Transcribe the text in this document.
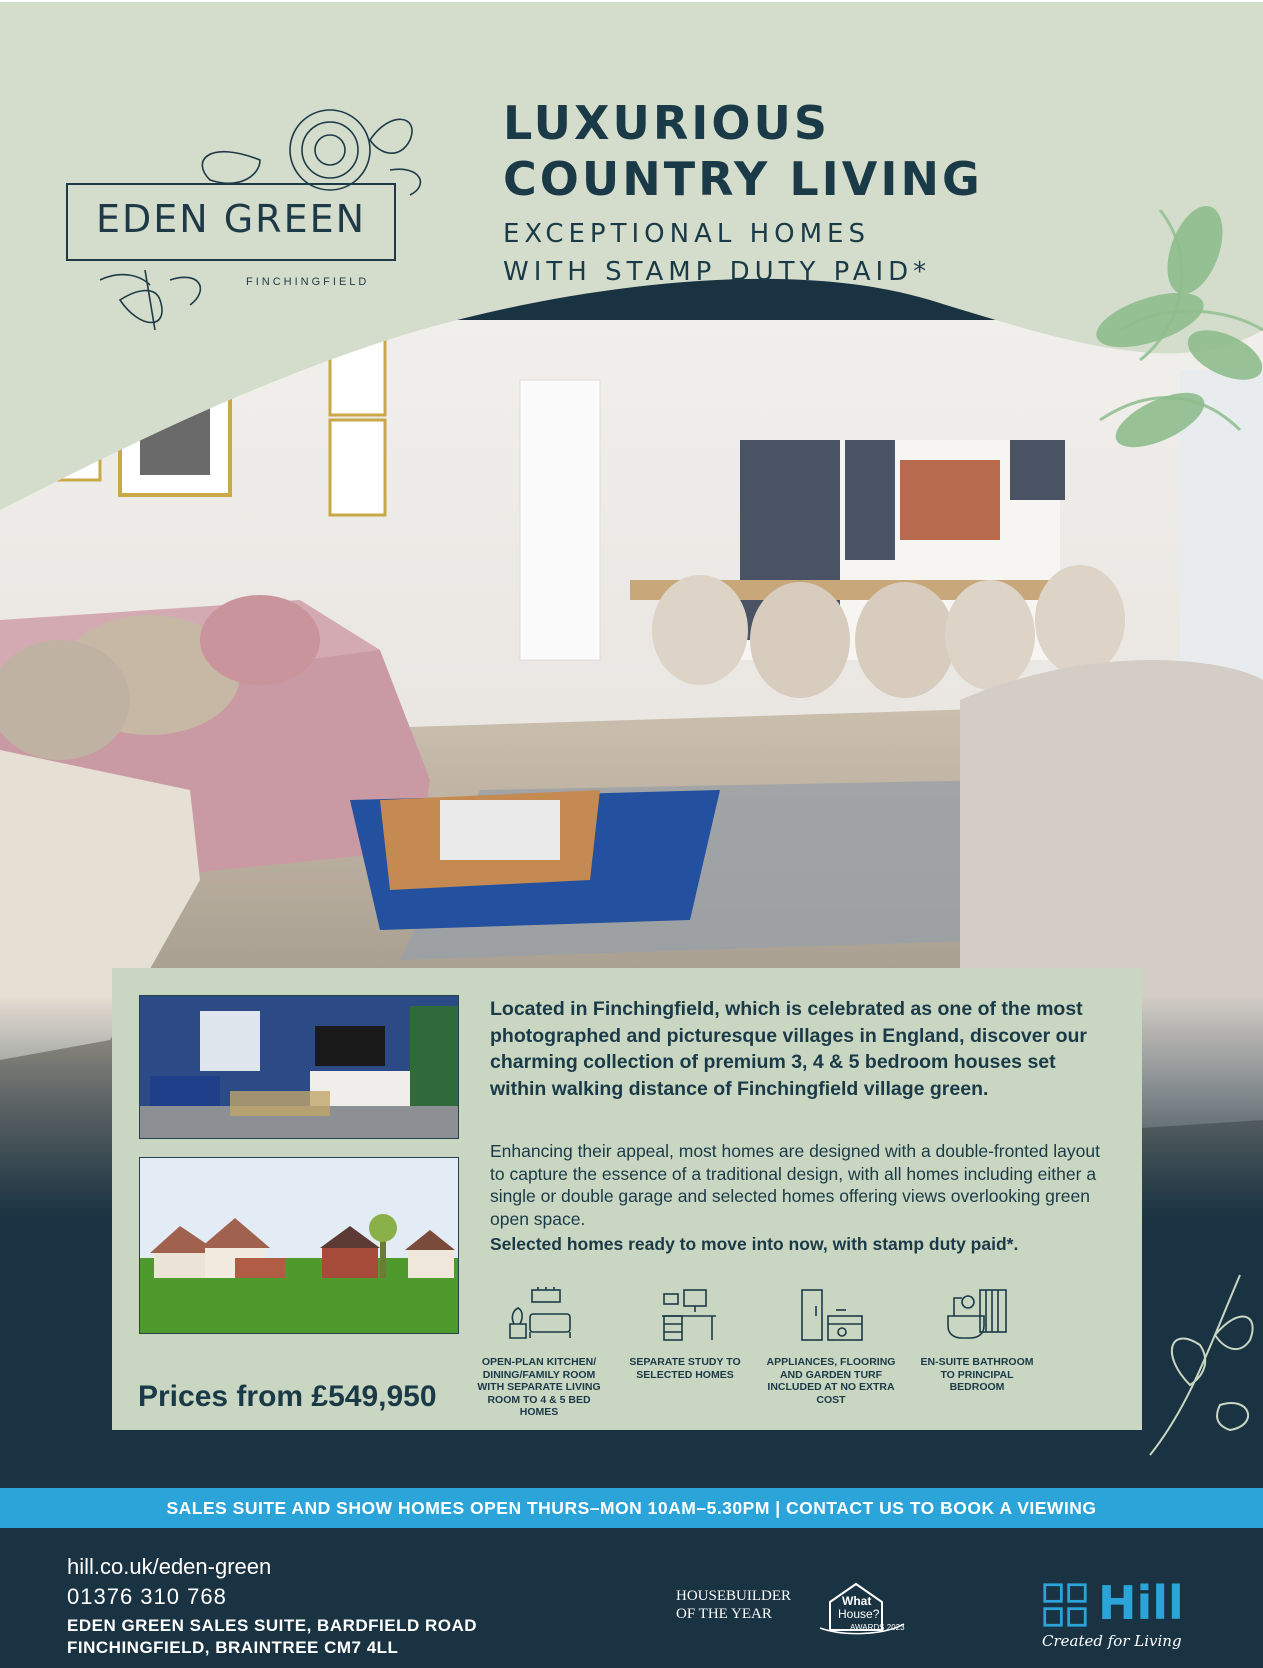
EDEN GREEN
FINCHINGFIELD
LUXURIOUS
COUNTRY LIVING
EXCEPTIONAL HOMES
WITH STAMP DUTY PAID*
Prices from £549,950
Located in Finchingfield, which is celebrated as one of the most photographed and picturesque villages in England, discover our charming collection of premium 3, 4 & 5 bedroom houses set within walking distance of Finchingfield village green.
Enhancing their appeal, most homes are designed with a double-fronted layout to capture the essence of a traditional design, with all homes including either a single or double garage and selected homes offering views overlooking green open space.
Selected homes ready to move into now, with stamp duty paid*.
OPEN-PLAN KITCHEN/ DINING/FAMILY ROOM WITH SEPARATE LIVING ROOM TO 4 & 5 BED HOMES
SEPARATE STUDY TO SELECTED HOMES
APPLIANCES, FLOORING AND GARDEN TURF INCLUDED AT NO EXTRA COST
EN-SUITE BATHROOM TO PRINCIPAL BEDROOM
SALES SUITE AND SHOW HOMES OPEN THURS–MON 10AM–5.30PM | CONTACT US TO BOOK A VIEWING
hill.co.uk/eden-green
01376 310 768
EDEN GREEN SALES SUITE, BARDFIELD ROAD
FINCHINGFIELD, BRAINTREE CM7 4LL
HOUSEBUILDER
OF THE YEAR
What
House?
AWARDS 2023	Hill
Created for Living
